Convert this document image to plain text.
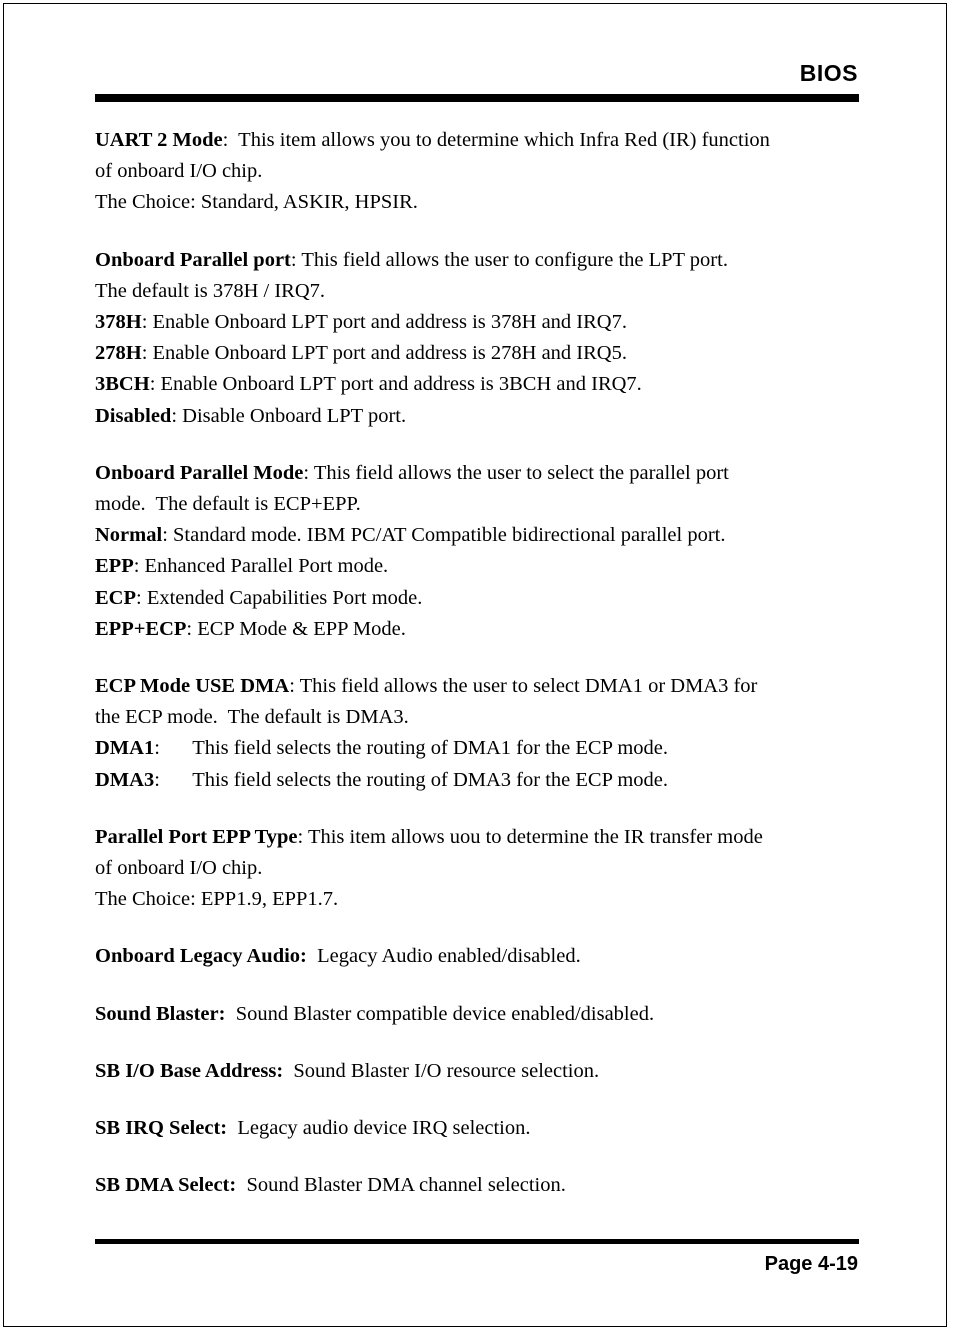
BIOS
UART 2 Mode:  This item allows you to determine which Infra Red (IR) function
of onboard I/O chip.
The Choice: Standard, ASKIR, HPSIR.
Onboard Parallel port: This field allows the user to configure the LPT port.
The default is 378H / IRQ7.
378H: Enable Onboard LPT port and address is 378H and IRQ7.
278H: Enable Onboard LPT port and address is 278H and IRQ5.
3BCH: Enable Onboard LPT port and address is 3BCH and IRQ7.
Disabled: Disable Onboard LPT port.
Onboard Parallel Mode: This field allows the user to select the parallel port
mode.  The default is ECP+EPP.
Normal: Standard mode. IBM PC/AT Compatible bidirectional parallel port.
EPP: Enhanced Parallel Port mode.
ECP: Extended Capabilities Port mode.
EPP+ECP: ECP Mode & EPP Mode.
ECP Mode USE DMA: This field allows the user to select DMA1 or DMA3 for
the ECP mode.  The default is DMA3.
DMA1: This field selects the routing of DMA1 for the ECP mode.
DMA3: This field selects the routing of DMA3 for the ECP mode.
Parallel Port EPP Type: This item allows uou to determine the IR transfer mode
of onboard I/O chip.
The Choice: EPP1.9, EPP1.7.
Onboard Legacy Audio:  Legacy Audio enabled/disabled.
Sound Blaster:  Sound Blaster compatible device enabled/disabled.
SB I/O Base Address:  Sound Blaster I/O resource selection.
SB IRQ Select:  Legacy audio device IRQ selection.
SB DMA Select:  Sound Blaster DMA channel selection.
Page 4-19
